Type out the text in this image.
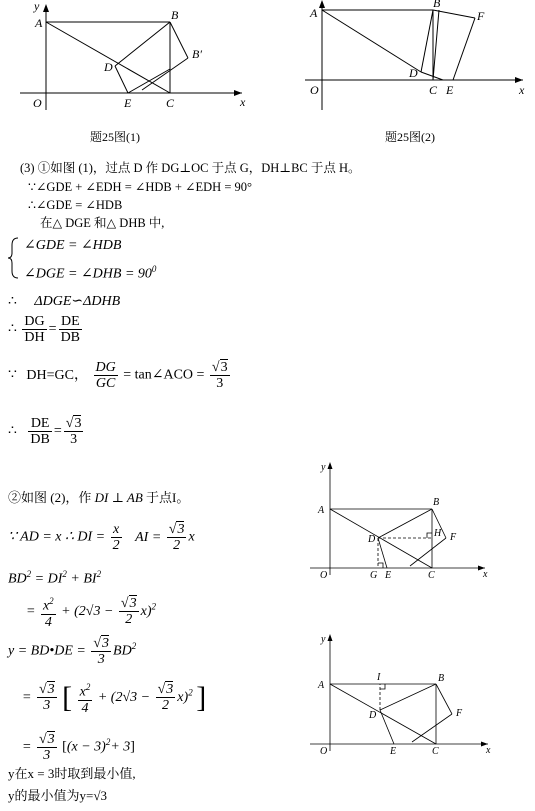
y
A
B
B′
D
O	E	C	x
题25图(1)
A
B
F
D
O	C E	x
题25图(2)
(3) ①如图 (1)，过点 D 作 DG⊥OC 于点 G，DH⊥BC 于点 H。
∵∠GDE + ∠EDH = ∠HDB + ∠EDH = 90°
∴∠GDE = ∠HDB
在△ DGE 和△ DHB 中,
∠GDE = ∠HDB
∠DGE = ∠DHB = $90^0$
∴ ΔDGE∽ΔDHB
∴ $\frac{DG}{DH} = \frac{DE}{DB}$
∵ DH=GC， $\frac{DG}{GC}$ = tan∠ACO = $\frac{√3}{3}$
∴ $\frac{DE}{DB} = \frac{√3}{3}$
②如图 (2)，作 DI ⊥ AB 于点I。
∵ AD = x ∴ DI = $\frac{x}{2}$ AI = $\frac{√3}{2}$ x
$BD^2 = DI^2 + BI^2$
= $\frac{x^2}{4} + (2√3 - \frac{√3}{2} x)^2$
y = BD•DE = $\frac{√3}{3} BD^2$
= $\frac{√3}{3}$ [ $\frac{x^2}{4} + (2√3 - \frac{√3}{2} x)^2$ ]
= $\frac{√3}{3} [(x - 3)^2+ 3]$
y在x = 3时取到最小值,
y的最小值为y=√3
y
A
B
D
H F
O	G E	C	x
y
A
I	B
D	F
O	E	C	x
